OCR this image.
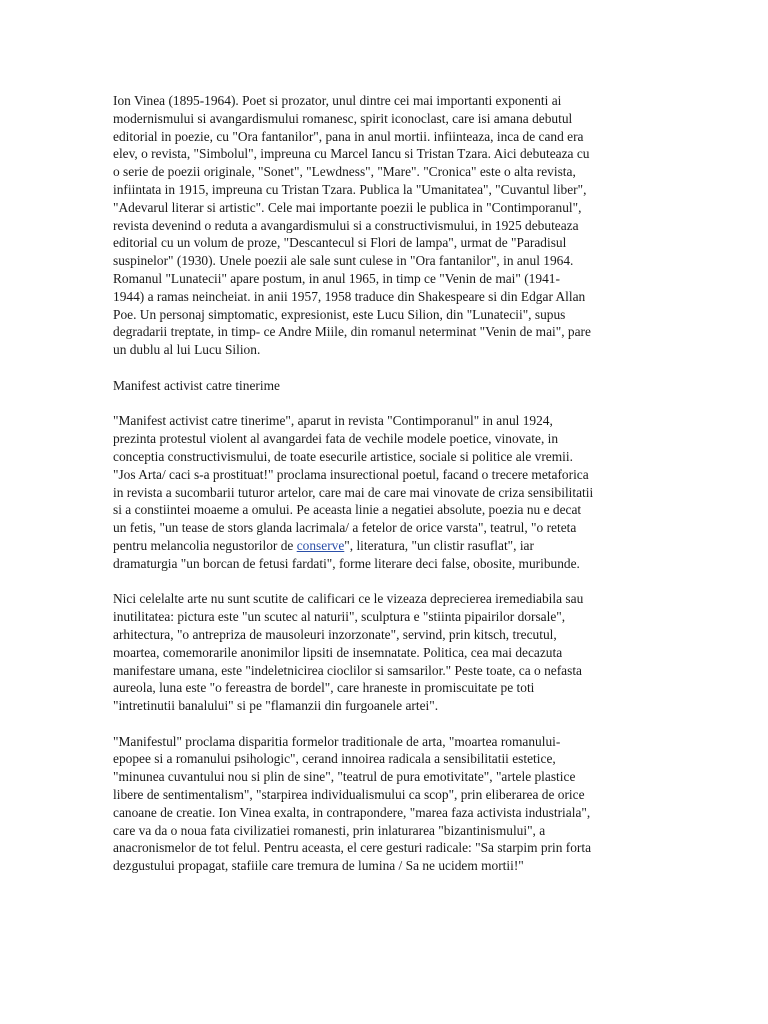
Ion Vinea (1895-1964). Poet si prozator, unul dintre cei mai importanti exponenti ai
modernismului si avangardismului romanesc, spirit iconoclast, care isi amana debutul
editorial in poezie, cu "Ora fantanilor", pana in anul mortii. infiinteaza, inca de cand era
elev, o revista, "Simbolul", impreuna cu Marcel Iancu si Tristan Tzara. Aici debuteaza cu
o serie de poezii originale, "Sonet", "Lewdness", "Mare". "Cronica" este o alta revista,
infiintata in 1915, impreuna cu Tristan Tzara. Publica la "Umanitatea", "Cuvantul liber",
"Adevarul literar si artistic". Cele mai importante poezii le publica in "Contimporanul",
revista devenind o reduta a avangardismului si a constructivismului, in 1925 debuteaza
editorial cu un volum de proze, "Descantecul si Flori de lampa", urmat de "Paradisul
suspinelor" (1930). Unele poezii ale sale sunt culese in "Ora fantanilor", in anul 1964.
Romanul "Lunatecii" apare postum, in anul 1965, in timp ce "Venin de mai" (1941-
1944) a ramas neincheiat. in anii 1957, 1958 traduce din Shakespeare si din Edgar Allan
Poe. Un personaj simptomatic, expresionist, este Lucu Silion, din "Lunatecii", supus
degradarii treptate, in timp- ce Andre Miile, din romanul neterminat "Venin de mai", pare
un dublu al lui Lucu Silion.

Manifest activist catre tinerime

"Manifest activist catre tinerime", aparut in revista "Contimporanul" in anul 1924,
prezinta protestul violent al avangardei fata de vechile modele poetice, vinovate, in
conceptia constructivismului, de toate esecurile artistice, sociale si politice ale vremii.
"Jos Arta/ caci s-a prostituat!" proclama insurectional poetul, facand o trecere metaforica
in revista a sucombarii tuturor artelor, care mai de care mai vinovate de criza sensibilitatii
si a constiintei moaeme a omului. Pe aceasta linie a negatiei absolute, poezia nu e decat
un fetis, "un tease de stors glanda lacrimala/ a fetelor de orice varsta", teatrul, "o reteta
pentru melancolia negustorilor de conserve", literatura, "un clistir rasuflat", iar
dramaturgia "un borcan de fetusi fardati", forme literare deci false, obosite, muribunde.

Nici celelalte arte nu sunt scutite de calificari ce le vizeaza deprecierea iremediabila sau
inutilitatea: pictura este "un scutec al naturii", sculptura e "stiinta pipairilor dorsale",
arhitectura, "o antrepriza de mausoleuri inzorzonate", servind, prin kitsch, trecutul,
moartea, comemorarile anonimilor lipsiti de insemnatate. Politica, cea mai decazuta
manifestare umana, este "indeletnicirea cioclilor si samsarilor." Peste toate, ca o nefasta
aureola, luna este "o fereastra de bordel", care hraneste in promiscuitate pe toti
"intretinutii banalului" si pe "flamanzii din furgoanele artei".

"Manifestul" proclama disparitia formelor traditionale de arta, "moartea romanului-
epopee si a romanului psihologic", cerand innoirea radicala a sensibilitatii estetice,
"minunea cuvantului nou si plin de sine", "teatrul de pura emotivitate", "artele plastice
libere de sentimentalism", "starpirea individualismului ca scop", prin eliberarea de orice
canoane de creatie. Ion Vinea exalta, in contrapondere, "marea faza activista industriala",
care va da o noua fata civilizatiei romanesti, prin inlaturarea "bizantinismului", a
anacronismelor de tot felul. Pentru aceasta, el cere gesturi radicale: "Sa starpim prin forta
dezgustului propagat, stafiile care tremura de lumina / Sa ne ucidem mortii!"
